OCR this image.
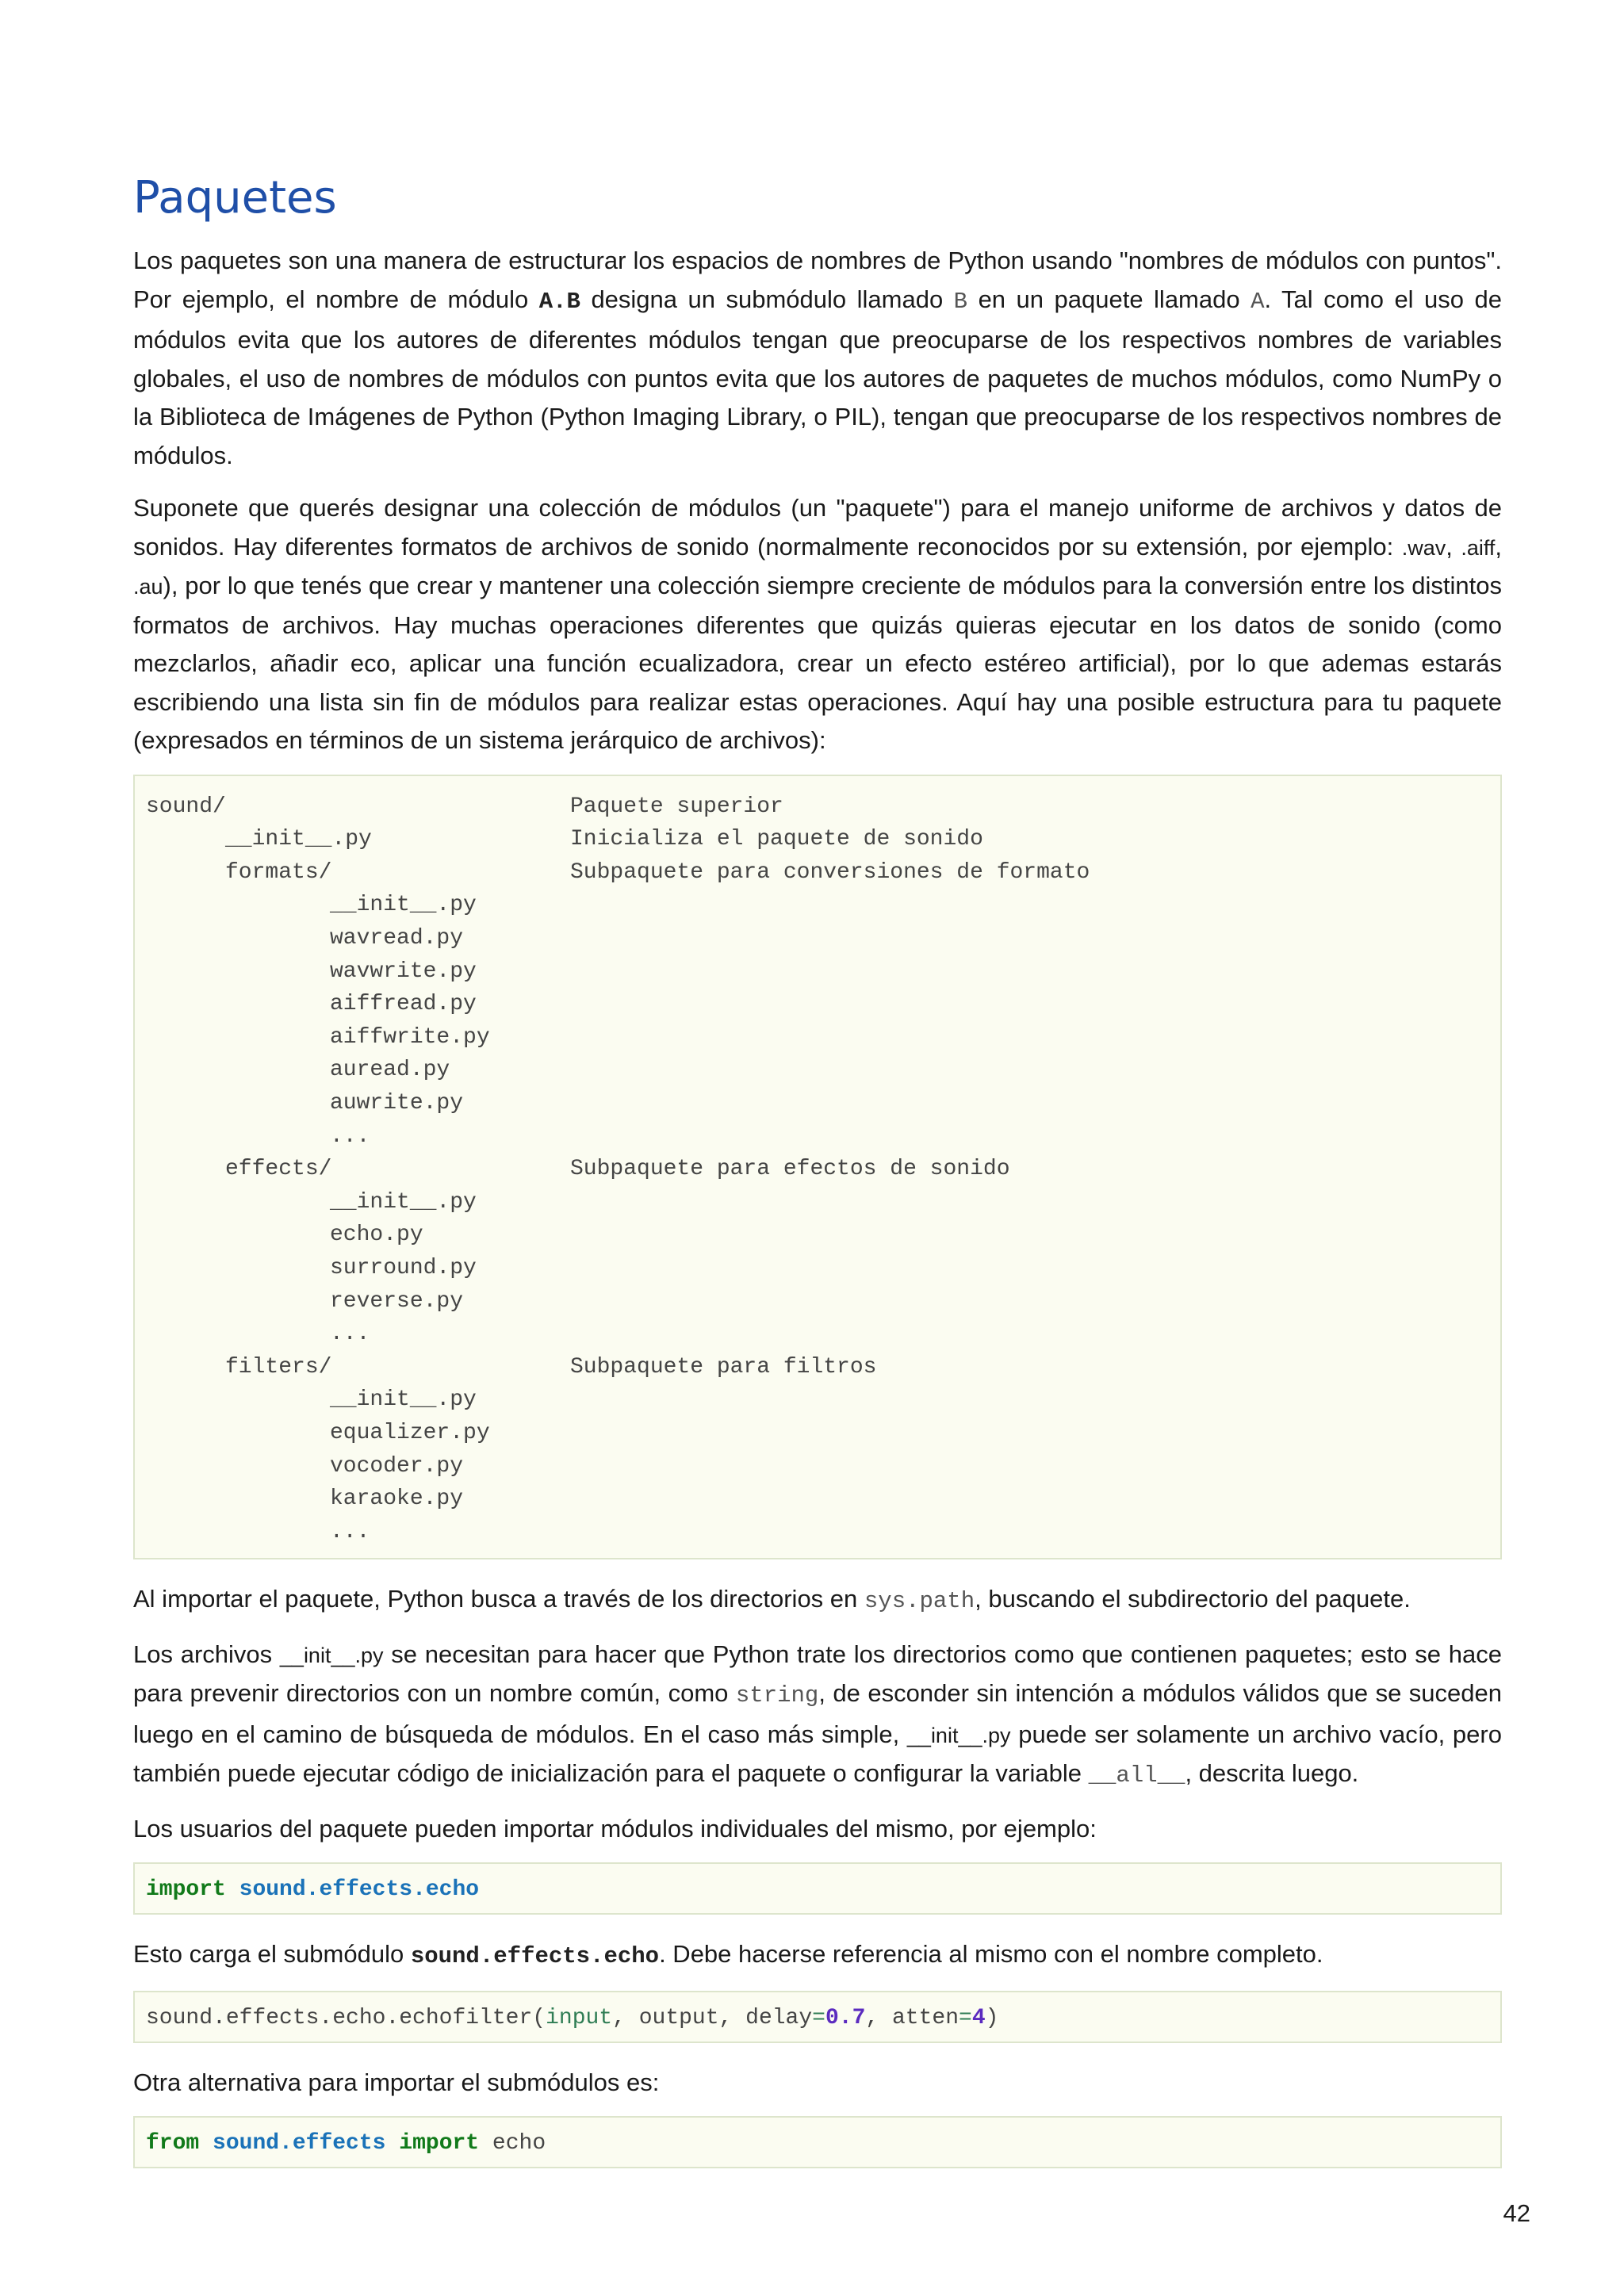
Paquetes

Los paquetes son una manera de estructurar los espacios de nombres de Python usando "nombres de módulos con puntos". Por ejemplo, el nombre de módulo A.B designa un submódulo llamado B en un paquete llamado A. Tal como el uso de módulos evita que los autores de diferentes módulos tengan que preocuparse de los respectivos nombres de variables globales, el uso de nombres de módulos con puntos evita que los autores de paquetes de muchos módulos, como NumPy o la Biblioteca de Imágenes de Python (Python Imaging Library, o PIL), tengan que preocuparse de los respectivos nombres de módulos.

Suponete que querés designar una colección de módulos (un "paquete") para el manejo uniforme de archivos y datos de sonidos. Hay diferentes formatos de archivos de sonido (normalmente reconocidos por su extensión, por ejemplo: .wav, .aiff, .au), por lo que tenés que crear y mantener una colección siempre creciente de módulos para la conversión entre los distintos formatos de archivos. Hay muchas operaciones diferentes que quizás quieras ejecutar en los datos de sonido (como mezclarlos, añadir eco, aplicar una función ecualizadora, crear un efecto estéreo artificial), por lo que ademas estarás escribiendo una lista sin fin de módulos para realizar estas operaciones. Aquí hay una posible estructura para tu paquete (expresados en términos de un sistema jerárquico de archivos):

sound/	Paquete superior
__init__.py	Inicializa el paquete de sonido
formats/	Subpaquete para conversiones de formato
__init__.py
wavread.py
wavwrite.py
aiffread.py
aiffwrite.py
auread.py
auwrite.py
...
effects/	Subpaquete para efectos de sonido
__init__.py
echo.py
surround.py
reverse.py
...
filters/	Subpaquete para filtros
__init__.py
equalizer.py
vocoder.py
karaoke.py
...

Al importar el paquete, Python busca a través de los directorios en sys.path, buscando el subdirectorio del paquete.

Los archivos __init__.py se necesitan para hacer que Python trate los directorios como que contienen paquetes; esto se hace para prevenir directorios con un nombre común, como string, de esconder sin intención a módulos válidos que se suceden luego en el camino de búsqueda de módulos. En el caso más simple, __init__.py puede ser solamente un archivo vacío, pero también puede ejecutar código de inicialización para el paquete o configurar la variable __all__, descrita luego.

Los usuarios del paquete pueden importar módulos individuales del mismo, por ejemplo:

import sound.effects.echo

Esto carga el submódulo sound.effects.echo. Debe hacerse referencia al mismo con el nombre completo.

sound.effects.echo.echofilter(input, output, delay=0.7, atten=4)

Otra alternativa para importar el submódulos es:

from sound.effects import echo
42
